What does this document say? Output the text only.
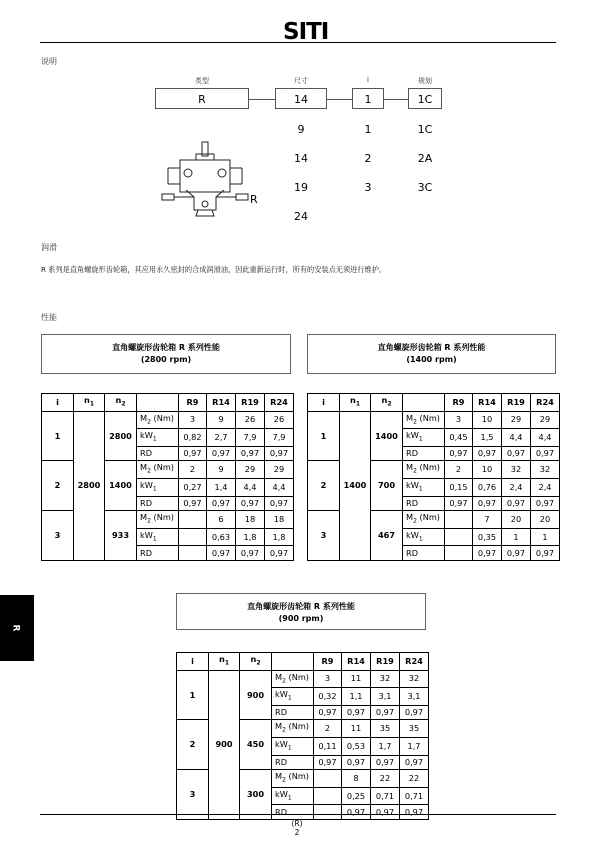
SITI
说明
类型	尺寸	i	规划
R	14	1	1C
9
14
19
24
1
2
3
1C
2A
3C
R
润滑
R 系列是直角螺旋形齿轮箱，其应用永久密封的合成润滑油，因此重新运行时，所有的安装点无须进行维护。
性能
直角螺旋形齿轮箱 R 系列性能
(2800 rpm)
直角螺旋形齿轮箱 R 系列性能
(1400 rpm)
i	$n_1$	$n_2$		R9	R14	R19	R24
1	2800	2800	$M_2$ (Nm)	3	9	26	26
			$kW_1$	0,82	2,7	7,9	7,9
			RD	0,97	0,97	0,97	0,97
2		1400	$M_2$ (Nm)	2	9	29	29
			$kW_1$	0,27	1,4	4,4	4,4
			RD	0,97	0,97	0,97	0,97
3		933	$M_2$ (Nm)		6	18	18
			$kW_1$		0,63	1,8	1,8
			RD		0,97	0,97	0,97
i	$n_1$	$n_2$		R9	R14	R19	R24
1	1400	1400	$M_2$ (Nm)	3	10	29	29
			$kW_1$	0,45	1,5	4,4	4,4
			RD	0,97	0,97	0,97	0,97
2		700	$M_2$ (Nm)	2	10	32	32
			$kW_1$	0,15	0,76	2,4	2,4
			RD	0,97	0,97	0,97	0,97
3		467	$M_2$ (Nm)		7	20	20
			$kW_1$		0,35	1	1
			RD		0,97	0,97	0,97
R
直角螺旋形齿轮箱 R 系列性能
(900 rpm)
i	$n_1$	$n_2$		R9	R14	R19	R24
1	900	900	$M_2$ (Nm)	3	11	32	32
			$kW_1$	0,32	1,1	3,1	3,1
			RD	0,97	0,97	0,97	0,97
2		450	$M_2$ (Nm)	2	11	35	35
			$kW_1$	0,11	0,53	1,7	1,7
			RD	0,97	0,97	0,97	0,97
3		300	$M_2$ (Nm)		8	22	22
			$kW_1$		0,25	0,71	0,71
			RD		0,97	0,97	0,97
(R)
2
